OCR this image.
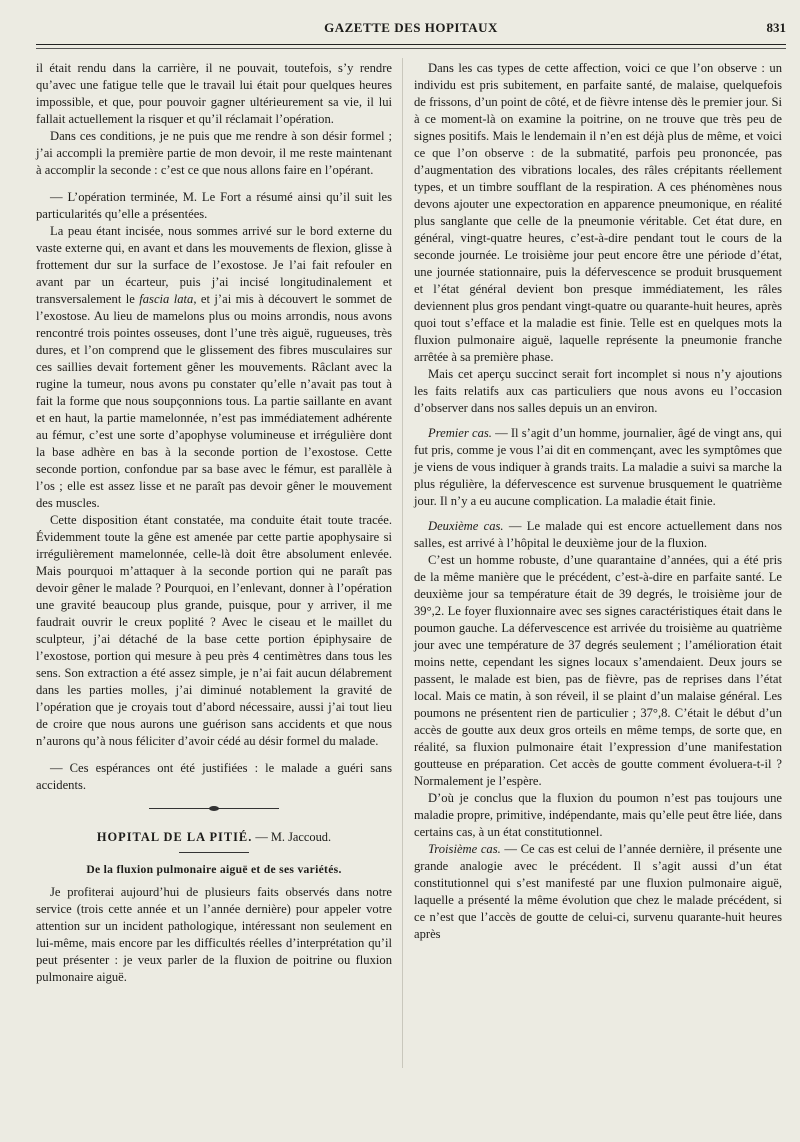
GAZETTE DES HOPITAUX	831

il était rendu dans la carrière, il ne pouvait, toutefois, s’y rendre qu’avec une fatigue telle que le travail lui était pour quelques heures impossible, et que, pour pouvoir gagner ultérieurement sa vie, il lui fallait actuellement la risquer et qu’il réclamait l’opération.

Dans ces conditions, je ne puis que me rendre à son désir formel ; j’ai accompli la première partie de mon devoir, il me reste maintenant à accomplir la seconde : c’est ce que nous allons faire en l’opérant.

— L’opération terminée, M. Le Fort a résumé ainsi qu’il suit les particularités qu’elle a présentées.

La peau étant incisée, nous sommes arrivé sur le bord externe du vaste externe qui, en avant et dans les mouvements de flexion, glisse à frottement dur sur la surface de l’exostose. Je l’ai fait refouler en avant par un écarteur, puis j’ai incisé longitudinalement et transversalement le fascia lata, et j’ai mis à découvert le sommet de l’exostose. Au lieu de mamelons plus ou moins arrondis, nous avons rencontré trois pointes osseuses, dont l’une très aiguë, rugueuses, très dures, et l’on comprend que le glissement des fibres musculaires sur ces saillies devait fortement gêner les mouvements. Râclant avec la rugine la tumeur, nous avons pu constater qu’elle n’avait pas tout à fait la forme que nous soupçonnions tous. La partie saillante en avant et en haut, la partie mamelonnée, n’est pas immédiatement adhérente au fémur, c’est une sorte d’apophyse volumineuse et irrégulière dont la base adhère en bas à la seconde portion de l’exostose. Cette seconde portion, confondue par sa base avec le fémur, est parallèle à l’os ; elle est assez lisse et ne paraît pas devoir gêner le mouvement des muscles.

Cette disposition étant constatée, ma conduite était toute tracée. Évidemment toute la gêne est amenée par cette partie apophysaire si irrégulièrement mamelonnée, celle-là doit être absolument enlevée. Mais pourquoi m’attaquer à la seconde portion qui ne paraît pas devoir gêner le malade ? Pourquoi, en l’enlevant, donner à l’opération une gravité beaucoup plus grande, puisque, pour y arriver, il me faudrait ouvrir le creux poplité ? Avec le ciseau et le maillet du sculpteur, j’ai détaché de la base cette portion épiphysaire de l’exostose, portion qui mesure à peu près 4 centimètres dans tous les sens. Son extraction a été assez simple, je n’ai fait aucun délabrement dans les parties molles, j’ai diminué notablement la gravité de l’opération que je croyais tout d’abord nécessaire, aussi j’ai tout lieu de croire que nous aurons une guérison sans accidents et que nous n’aurons qu’à nous féliciter d’avoir cédé au désir formel du malade.

— Ces espérances ont été justifiées : le malade a guéri sans accidents.

HOPITAL DE LA PITIÉ. — M. Jaccoud.
De la fluxion pulmonaire aiguë et de ses variétés.

Je profiterai aujourd’hui de plusieurs faits observés dans notre service (trois cette année et un l’année dernière) pour appeler votre attention sur un incident pathologique, intéressant non seulement en lui-même, mais encore par les difficultés réelles d’interprétation qu’il peut présenter : je veux parler de la fluxion de poitrine ou fluxion pulmonaire aiguë.

Dans les cas types de cette affection, voici ce que l’on observe : un individu est pris subitement, en parfaite santé, de malaise, quelquefois de frissons, d’un point de côté, et de fièvre intense dès le premier jour. Si à ce moment-là on examine la poitrine, on ne trouve que très peu de signes positifs. Mais le lendemain il n’en est déjà plus de même, et voici ce que l’on observe : de la submatité, parfois peu prononcée, pas d’augmentation des vibrations locales, des râles crépitants réellement types, et un timbre soufflant de la respiration. A ces phénomènes nous devons ajouter une expectoration en apparence pneumonique, en réalité plus sanglante que celle de la pneumonie véritable. Cet état dure, en général, vingt-quatre heures, c’est-à-dire pendant tout le cours de la seconde journée. Le troisième jour peut encore être une période d’état, une journée stationnaire, puis la défervescence se produit brusquement et l’état général devient bon presque immédiatement, les râles deviennent plus gros pendant vingt-quatre ou quarante-huit heures, après quoi tout s’efface et la maladie est finie. Telle est en quelques mots la fluxion pulmonaire aiguë, laquelle représente la pneumonie franche arrêtée à sa première phase.

Mais cet aperçu succinct serait fort incomplet si nous n’y ajoutions les faits relatifs aux cas particuliers que nous avons eu l’occasion d’observer dans nos salles depuis un an environ.

Premier cas. — Il s’agit d’un homme, journalier, âgé de vingt ans, qui fut pris, comme je vous l’ai dit en commençant, avec les symptômes que je viens de vous indiquer à grands traits. La maladie a suivi sa marche la plus régulière, la défervescence est survenue brusquement le quatrième jour. Il n’y a eu aucune complication. La maladie était finie.

Deuxième cas. — Le malade qui est encore actuellement dans nos salles, est arrivé à l’hôpital le deuxième jour de la fluxion.

C’est un homme robuste, d’une quarantaine d’années, qui a été pris de la même manière que le précédent, c’est-à-dire en parfaite santé. Le deuxième jour sa température était de 39 degrés, le troisième jour de 39°,2. Le foyer fluxionnaire avec ses signes caractéristiques était dans le poumon gauche. La défervescence est arrivée du troisième au quatrième jour avec une température de 37 degrés seulement ; l’amélioration était moins nette, cependant les signes locaux s’amendaient. Deux jours se passent, le malade est bien, pas de fièvre, pas de reprises dans l’état local. Mais ce matin, à son réveil, il se plaint d’un malaise général. Les poumons ne présentent rien de particulier ; 37°,8. C’était le début d’un accès de goutte aux deux gros orteils en même temps, de sorte que, en réalité, sa fluxion pulmonaire était l’expression d’une manifestation goutteuse en préparation. Cet accès de goutte comment évoluera-t-il ? Normalement je l’espère.

D’où je conclus que la fluxion du poumon n’est pas toujours une maladie propre, primitive, indépendante, mais qu’elle peut être liée, dans certains cas, à un état constitutionnel.

Troisième cas. — Ce cas est celui de l’année dernière, il présente une grande analogie avec le précédent. Il s’agit aussi d’un état constitutionnel qui s’est manifesté par une fluxion pulmonaire aiguë, laquelle a présenté la même évolution que chez le malade précédent, si ce n’est que l’accès de goutte de celui-ci, survenu quarante-huit heures après
